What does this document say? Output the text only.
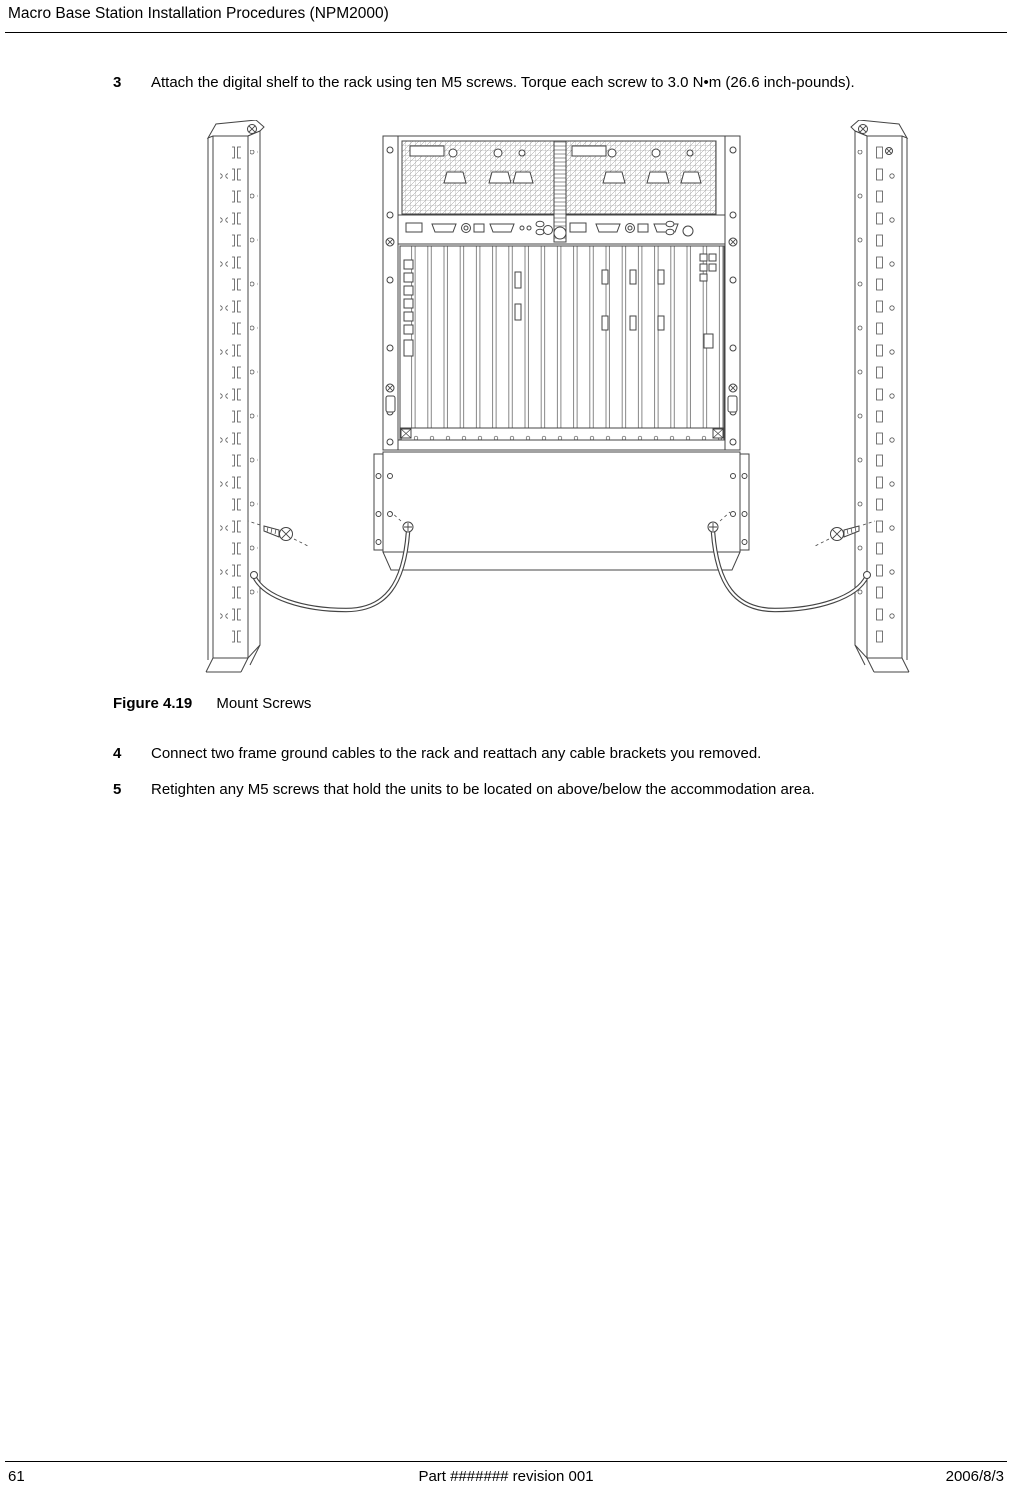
Macro Base Station Installation Procedures (NPM2000)
3	Attach the digital shelf to the rack using ten M5 screws. Torque each screw to 3.0 N•m (26.6 inch-pounds).
Figure 4.19 Mount Screws
4	Connect two frame ground cables to the rack and reattach any cable brackets you removed.
5	Retighten any M5 screws that hold the units to be located on above/below the accommodation area.
61	Part ####### revision 001	2006/8/3
